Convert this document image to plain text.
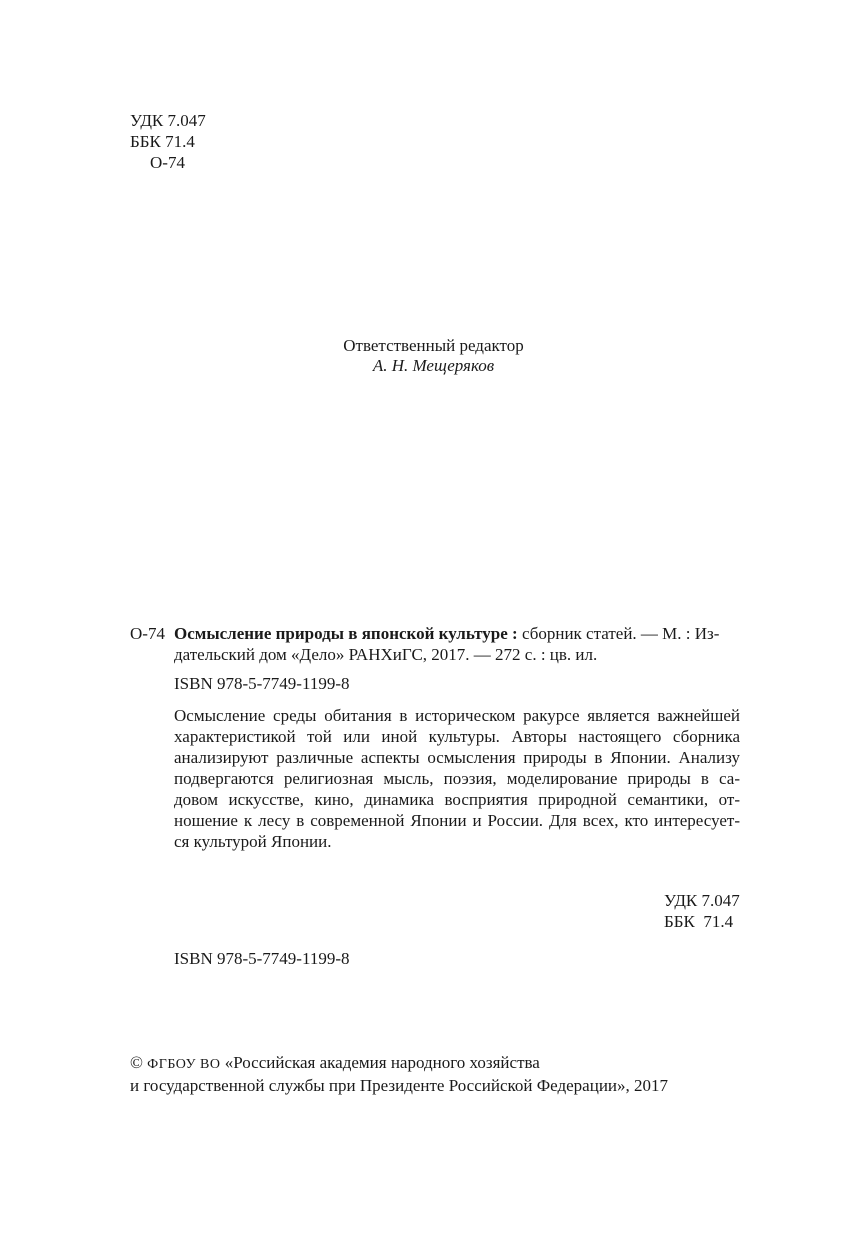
УДК 7.047
ББК 71.4
О-74
Ответственный редактор
А. Н. Мещеряков
О-74 Осмысление природы в японской культуре : сборник статей. — М. : Из-
дательский дом «Дело» РАНХиГС, 2017. — 272 с. : цв. ил.
ISBN 978-5-7749-1199-8
Осмысление среды обитания в историческом ракурсе является важнейшей
характеристикой той или иной культуры. Авторы настоящего сборника
анализируют различные аспекты осмысления природы в Японии. Анализу
подвергаются религиозная мысль, поэзия, моделирование природы в са-
довом искусстве, кино, динамика восприятия природной семантики, от-
ношение к лесу в современной Японии и России. Для всех, кто интересует-
ся культурой Японии.
УДК 7.047
ББК  71.4
ISBN 978-5-7749-1199-8
© ФГБОУ ВО «Российская академия народного хозяйства
и государственной службы при Президенте Российской Федерации», 2017
